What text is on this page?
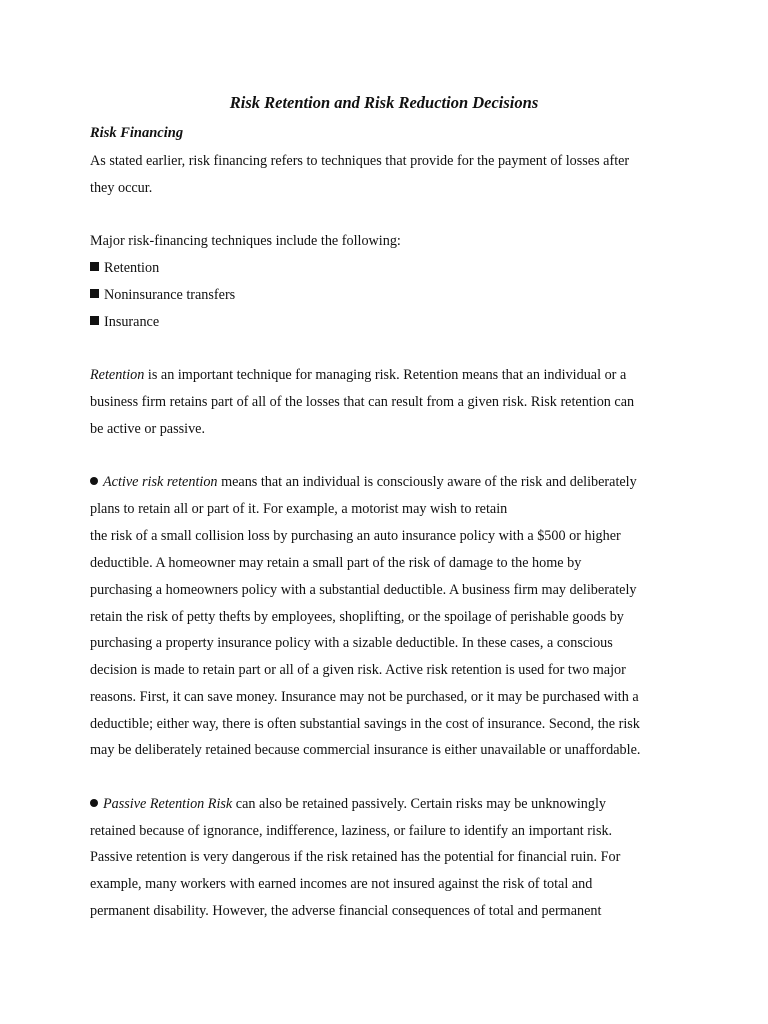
Risk Retention and Risk Reduction Decisions
Risk Financing
As stated earlier, risk financing refers to techniques that provide for the payment of losses after
they occur.
Major risk-financing techniques include the following:
Retention
Noninsurance transfers
Insurance
Retention is an important technique for managing risk. Retention means that an individual or a
business firm retains part of all of the losses that can result from a given risk. Risk retention can
be active or passive.
Active risk retention means that an individual is consciously aware of the risk and deliberately
plans to retain all or part of it. For example, a motorist may wish to retain
the risk of a small collision loss by purchasing an auto insurance policy with a $500 or higher
deductible. A homeowner may retain a small part of the risk of damage to the home by
purchasing a homeowners policy with a substantial deductible. A business firm may deliberately
retain the risk of petty thefts by employees, shoplifting, or the spoilage of perishable goods by
purchasing a property insurance policy with a sizable deductible. In these cases, a conscious
decision is made to retain part or all of a given risk. Active risk retention is used for two major
reasons. First, it can save money. Insurance may not be purchased, or it may be purchased with a
deductible; either way, there is often substantial savings in the cost of insurance. Second, the risk
may be deliberately retained because commercial insurance is either unavailable or unaffordable.
Passive Retention Risk can also be retained passively. Certain risks may be unknowingly
retained because of ignorance, indifference, laziness, or failure to identify an important risk.
Passive retention is very dangerous if the risk retained has the potential for financial ruin. For
example, many workers with earned incomes are not insured against the risk of total and
permanent disability. However, the adverse financial consequences of total and permanent
